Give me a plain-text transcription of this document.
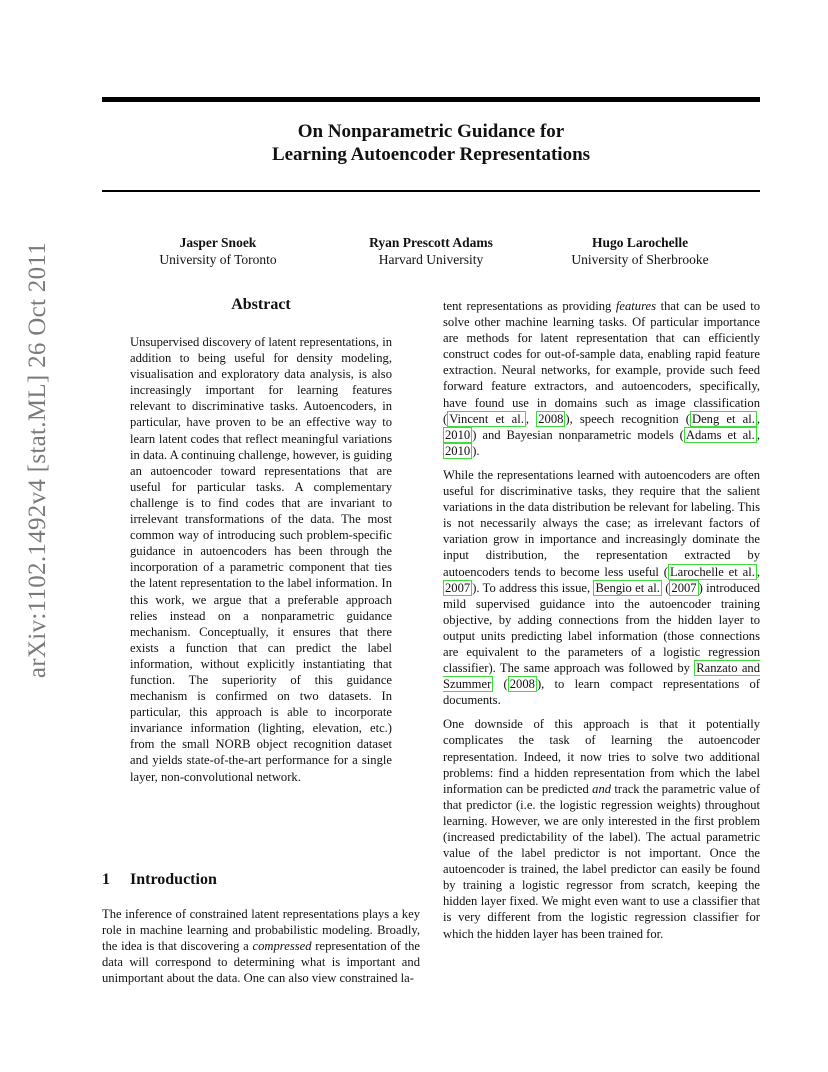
On Nonparametric Guidance for
Learning Autoencoder Representations
Jasper Snoek
University of Toronto
Ryan Prescott Adams
Harvard University
Hugo Larochelle
University of Sherbrooke
arXiv:1102.1492v4 [stat.ML] 26 Oct 2011	Abstract
Unsupervised discovery of latent representations, in addition to being useful for density modeling, visualisation and exploratory data analysis, is also increasingly important for learning features relevant to discriminative tasks. Autoencoders, in particular, have proven to be an effective way to learn latent codes that reflect meaningful variations in data. A continuing challenge, however, is guiding an autoencoder toward representations that are useful for particular tasks. A complementary challenge is to find codes that are invariant to irrelevant transformations of the data. The most common way of introducing such problem-specific guidance in autoencoders has been through the incorporation of a parametric component that ties the latent representation to the label information. In this work, we argue that a preferable approach relies instead on a nonparametric guidance mechanism. Conceptually, it ensures that there exists a function that can predict the label information, without explicitly instantiating that function. The superiority of this guidance mechanism is confirmed on two datasets. In particular, this approach is able to incorporate invariance information (lighting, elevation, etc.) from the small NORB object recognition dataset and yields state-of-the-art performance for a single layer, non-convolutional network.
1 Introduction
The inference of constrained latent representations plays a key role in machine learning and probabilistic modeling. Broadly, the idea is that discovering a compressed representation of the data will correspond to determining what is important and unimportant about the data. One can also view constrained la-

tent representations as providing features that can be used to solve other machine learning tasks. Of particular importance are methods for latent representation that can efficiently construct codes for out-of-sample data, enabling rapid feature extraction. Neural networks, for example, provide such feed forward feature extractors, and autoencoders, specifically, have found use in domains such as image classification ( Vincent et al. , 2008 ), speech recognition ( Deng et al. , 2010 ) and Bayesian nonparametric models ( Adams et al. , 2010 ).

While the representations learned with autoencoders are often useful for discriminative tasks, they require that the salient variations in the data distribution be relevant for labeling. This is not necessarily always the case; as irrelevant factors of variation grow in importance and increasingly dominate the input distribution, the representation extracted by autoencoders tends to become less useful ( Larochelle et al. , 2007 ). To address this issue, Bengio et al. ( 2007 ) introduced mild supervised guidance into the autoencoder training objective, by adding connections from the hidden layer to output units predicting label information (those connections are equivalent to the parameters of a logistic regression classifier). The same approach was followed by Ranzato and Szummer ( 2008 ), to learn compact representations of documents.

One downside of this approach is that it potentially complicates the task of learning the autoencoder representation. Indeed, it now tries to solve two additional problems: find a hidden representation from which the label information can be predicted and track the parametric value of that predictor (i.e. the logistic regression weights) throughout learning. However, we are only interested in the first problem (increased predictability of the label). The actual parametric value of the label predictor is not important. Once the autoencoder is trained, the label predictor can easily be found by training a logistic regressor from scratch, keeping the hidden layer fixed. We might even want to use a classifier that is very different from the logistic regression classifier for which the hidden layer has been trained for.
